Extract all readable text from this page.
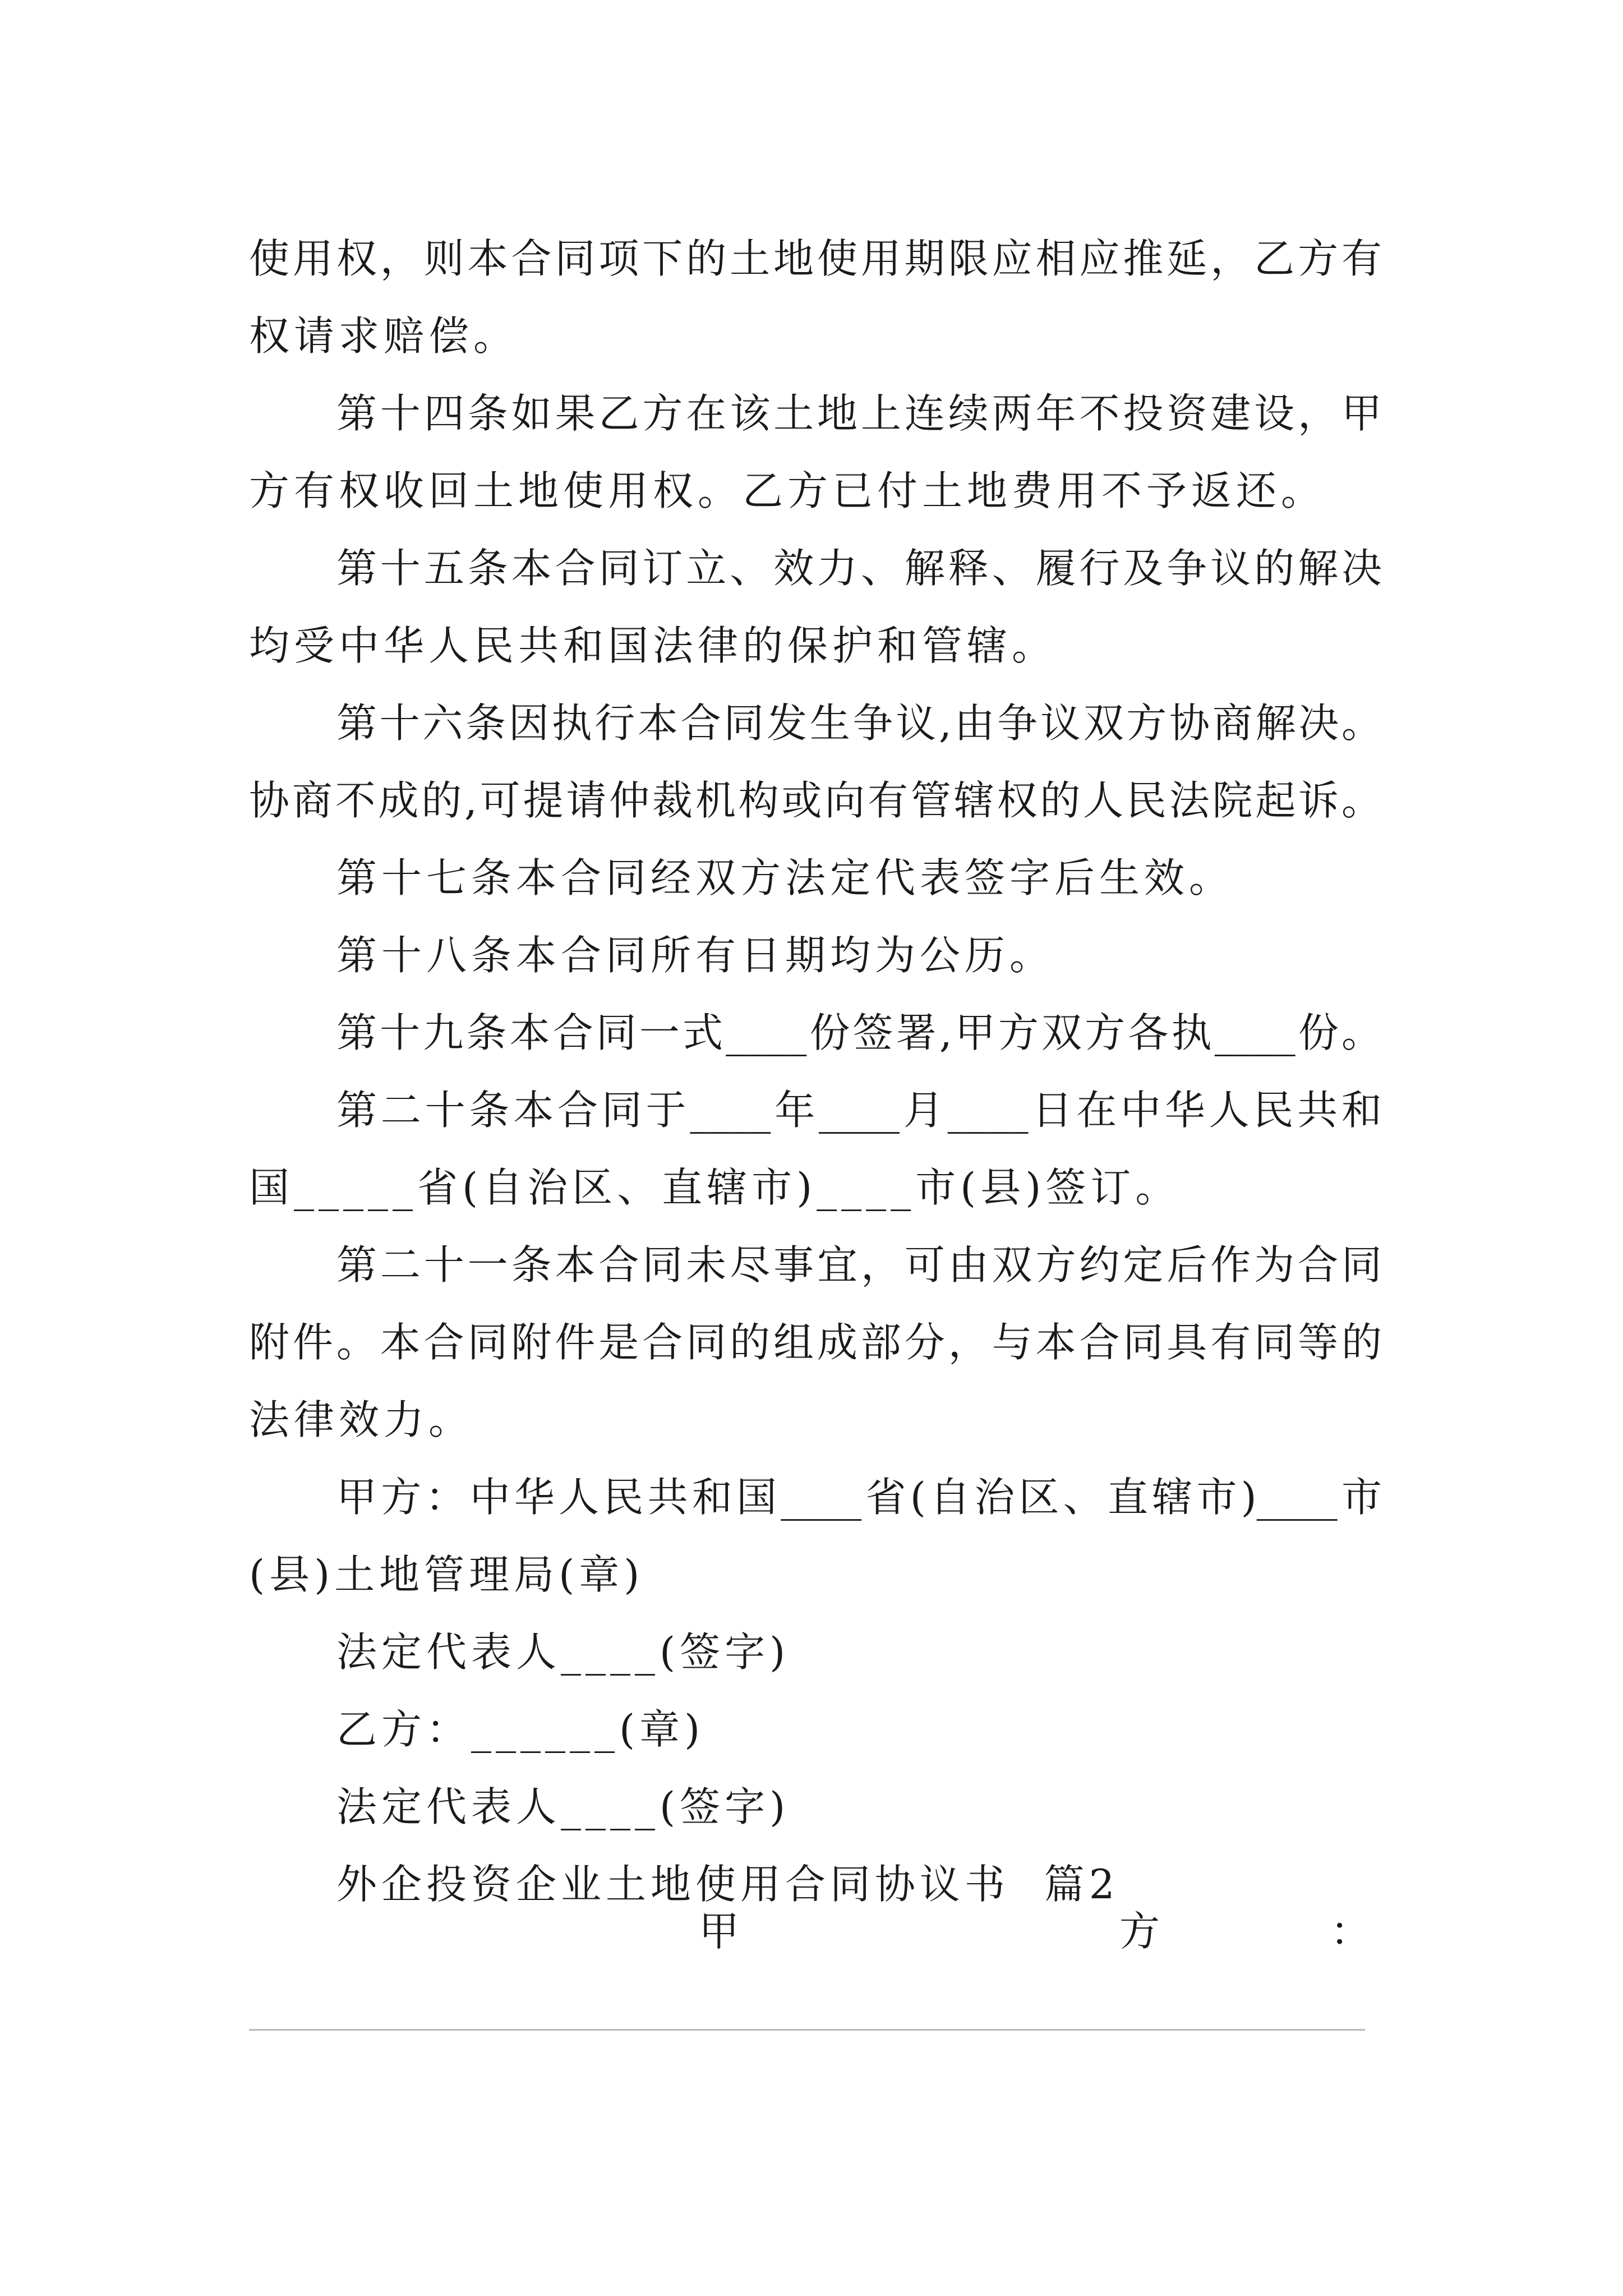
使用权，则本合同项下的土地使用期限应相应推延，乙方有
权请求赔偿。
第十四条如果乙方在该土地上连续两年不投资建设，甲
方有权收回土地使用权。乙方已付土地费用不予返还。
第十五条本合同订立、效力、解释、履行及争议的解决
均受中华人民共和国法律的保护和管辖。
第十六条因执行本合同发生争议,由争议双方协商解决。
协商不成的,可提请仲裁机构或向有管辖权的人民法院起诉。
第十七条本合同经双方法定代表签字后生效。
第十八条本合同所有日期均为公历。
第十九条本合同一式____份签署,甲方双方各执____份。
第二十条本合同于____年____月____日在中华人民共和
国_____省(自治区、直辖市)____市(县)签订。
第二十一条本合同未尽事宜，可由双方约定后作为合同
附件。本合同附件是合同的组成部分，与本合同具有同等的
法律效力。
甲方：中华人民共和国____省(自治区、直辖市)____市
(县)土地管理局(章)
法定代表人____(签字)
乙方：______(章)
法定代表人____(签字)
外企投资企业土地使用合同协议书  篇2
甲	方	：
